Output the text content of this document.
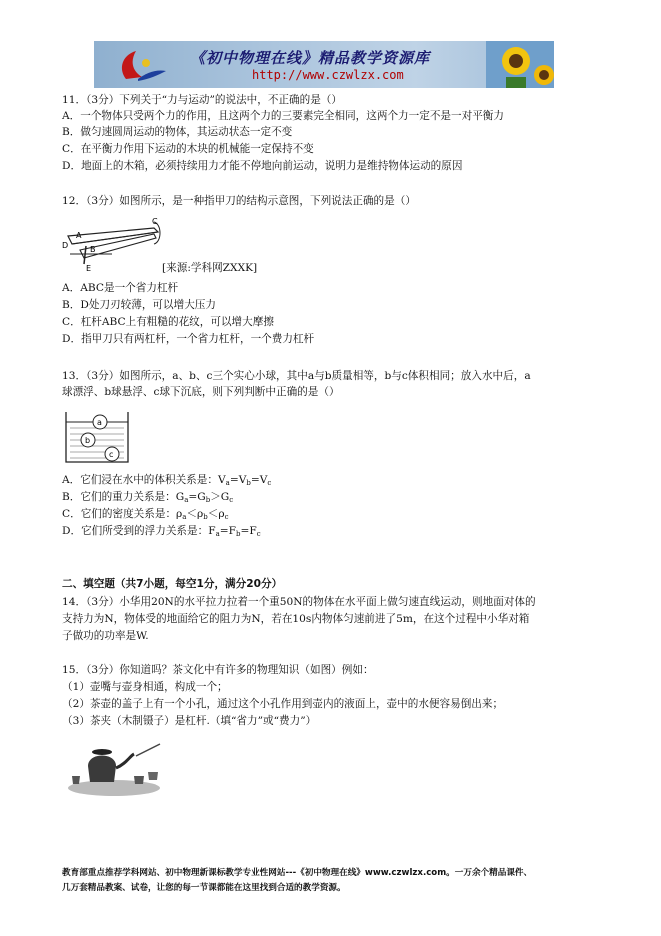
《初中物理在线》精品教学资源库
http://www.czwlzx.com
11．（3分）下列关于“力与运动”的说法中，不正确的是（）
A．一个物体只受两个力的作用，且这两个力的三要素完全相同，这两个力一定不是一对平衡力
B．做匀速圆周运动的物体，其运动状态一定不变
C．在平衡力作用下运动的木块的机械能一定保持不变
D．地面上的木箱，必须持续用力才能不停地向前运动，说明力是维持物体运动的原因
12．（3分）如图所示，是一种指甲刀的结构示意图，下列说法正确的是（）
C
A
B
D
E	[来源:学科网ZXXK]
A．ABC是一个省力杠杆
B．D处刀刃较薄，可以增大压力
C．杠杆ABC上有粗糙的花纹，可以增大摩擦
D．指甲刀只有两杠杆，一个省力杠杆，一个费力杠杆
13．（3分）如图所示，a、b、c三个实心小球，其中a与b质量相等，b与c体积相同；放入水中后，a
球漂浮、b球悬浮、c球下沉底，则下列判断中正确的是（）
a
b
c
A．它们浸在水中的体积关系是：$V_a=V_b=V_c$
B．它们的重力关系是：$G_a=G_b>G_c$
C．它们的密度关系是：$\rho_a<\rho_b<\rho_c$
D．它们所受到的浮力关系是：$F_a=F_b=F_c$
二、填空题（共7小题，每空1分，满分20分）
14．（3分）小华用20N的水平拉力拉着一个重50N的物体在水平面上做匀速直线运动，则地面对体的
支持力为N，物体受的地面给它的阻力为N，若在10s内物体匀速前进了5m，在这个过程中小华对箱
子做功的功率是W.
15．（3分）你知道吗？茶文化中有许多的物理知识（如图）例如：
（1）壶嘴与壶身相通，构成一个；
（2）茶壶的盖子上有一个小孔，通过这个小孔作用到壶内的液面上，壶中的水便容易倒出来；
（3）茶夹（木制镊子）是杠杆.（填“省力”或“费力”）
教育部重点推荐学科网站、初中物理新课标教学专业性网站---《初中物理在线》www.czwlzx.com。一万余个精品课件、
几万套精品教案、试卷，让您的每一节课都能在这里找到合适的教学资源。
